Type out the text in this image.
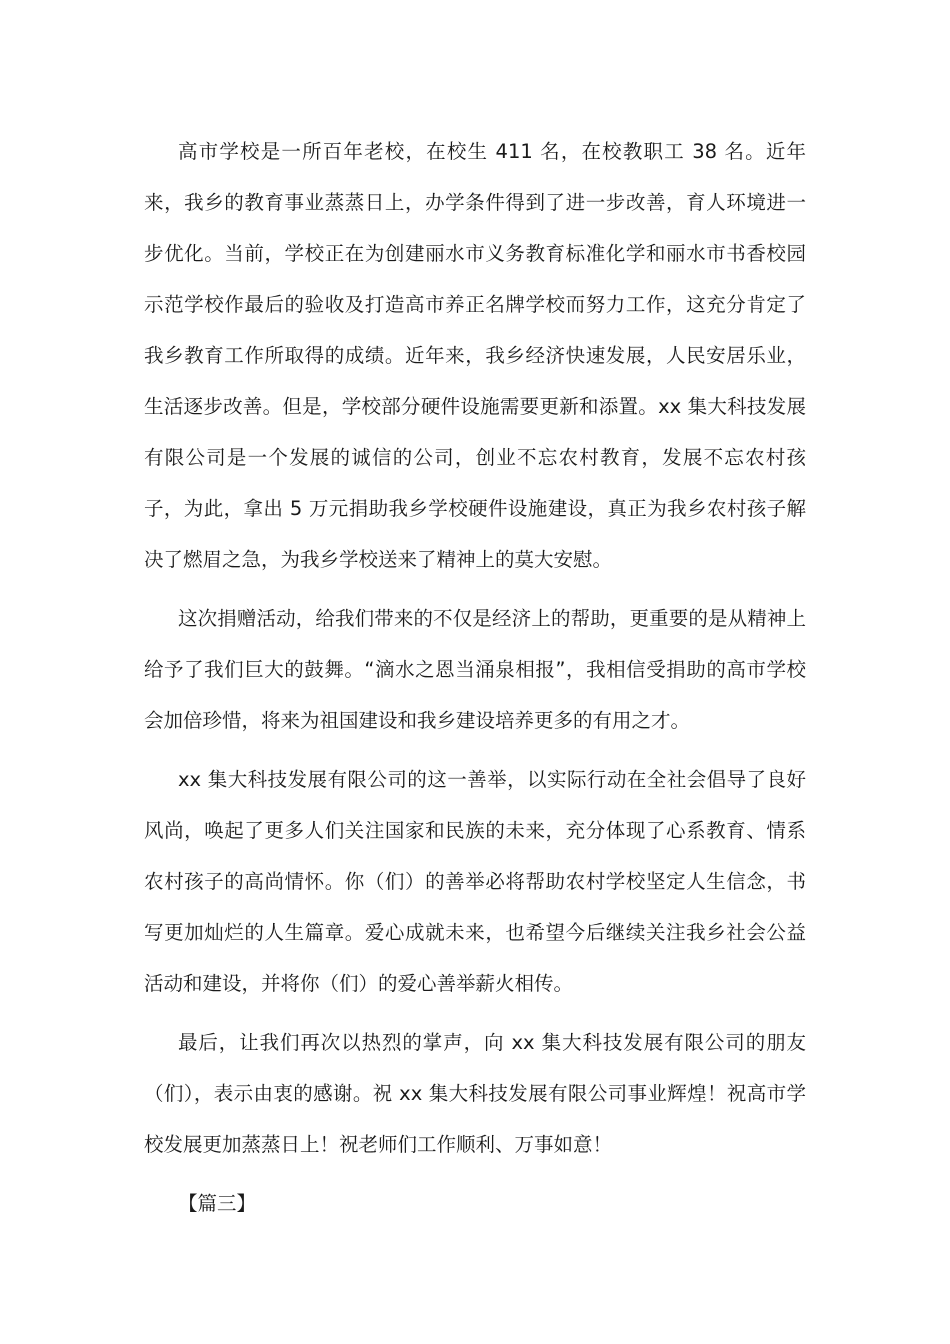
高市学校是一所百年老校，在校生 411 名，在校教职工 38 名。近年来，我乡的教育事业蒸蒸日上，办学条件得到了进一步改善，育人环境进一步优化。当前，学校正在为创建丽水市义务教育标准化学和丽水市书香校园示范学校作最后的验收及打造高市养正名牌学校而努力工作，这充分肯定了我乡教育工作所取得的成绩。近年来，我乡经济快速发展，人民安居乐业，生活逐步改善。但是，学校部分硬件设施需要更新和添置。xx 集大科技发展有限公司是一个发展的诚信的公司，创业不忘农村教育，发展不忘农村孩子，为此，拿出 5 万元捐助我乡学校硬件设施建设，真正为我乡农村孩子解决了燃眉之急，为我乡学校送来了精神上的莫大安慰。

这次捐赠活动，给我们带来的不仅是经济上的帮助，更重要的是从精神上给予了我们巨大的鼓舞。“滴水之恩当涌泉相报”，我相信受捐助的高市学校会加倍珍惜，将来为祖国建设和我乡建设培养更多的有用之才。

xx 集大科技发展有限公司的这一善举，以实际行动在全社会倡导了良好风尚，唤起了更多人们关注国家和民族的未来，充分体现了心系教育、情系农村孩子的高尚情怀。你（们）的善举必将帮助农村学校坚定人生信念，书写更加灿烂的人生篇章。爱心成就未来，也希望今后继续关注我乡社会公益活动和建设，并将你（们）的爱心善举薪火相传。

最后，让我们再次以热烈的掌声，向 xx 集大科技发展有限公司的朋友（们），表示由衷的感谢。祝 xx 集大科技发展有限公司事业辉煌！祝高市学校发展更加蒸蒸日上！祝老师们工作顺利、万事如意！

【篇三】
